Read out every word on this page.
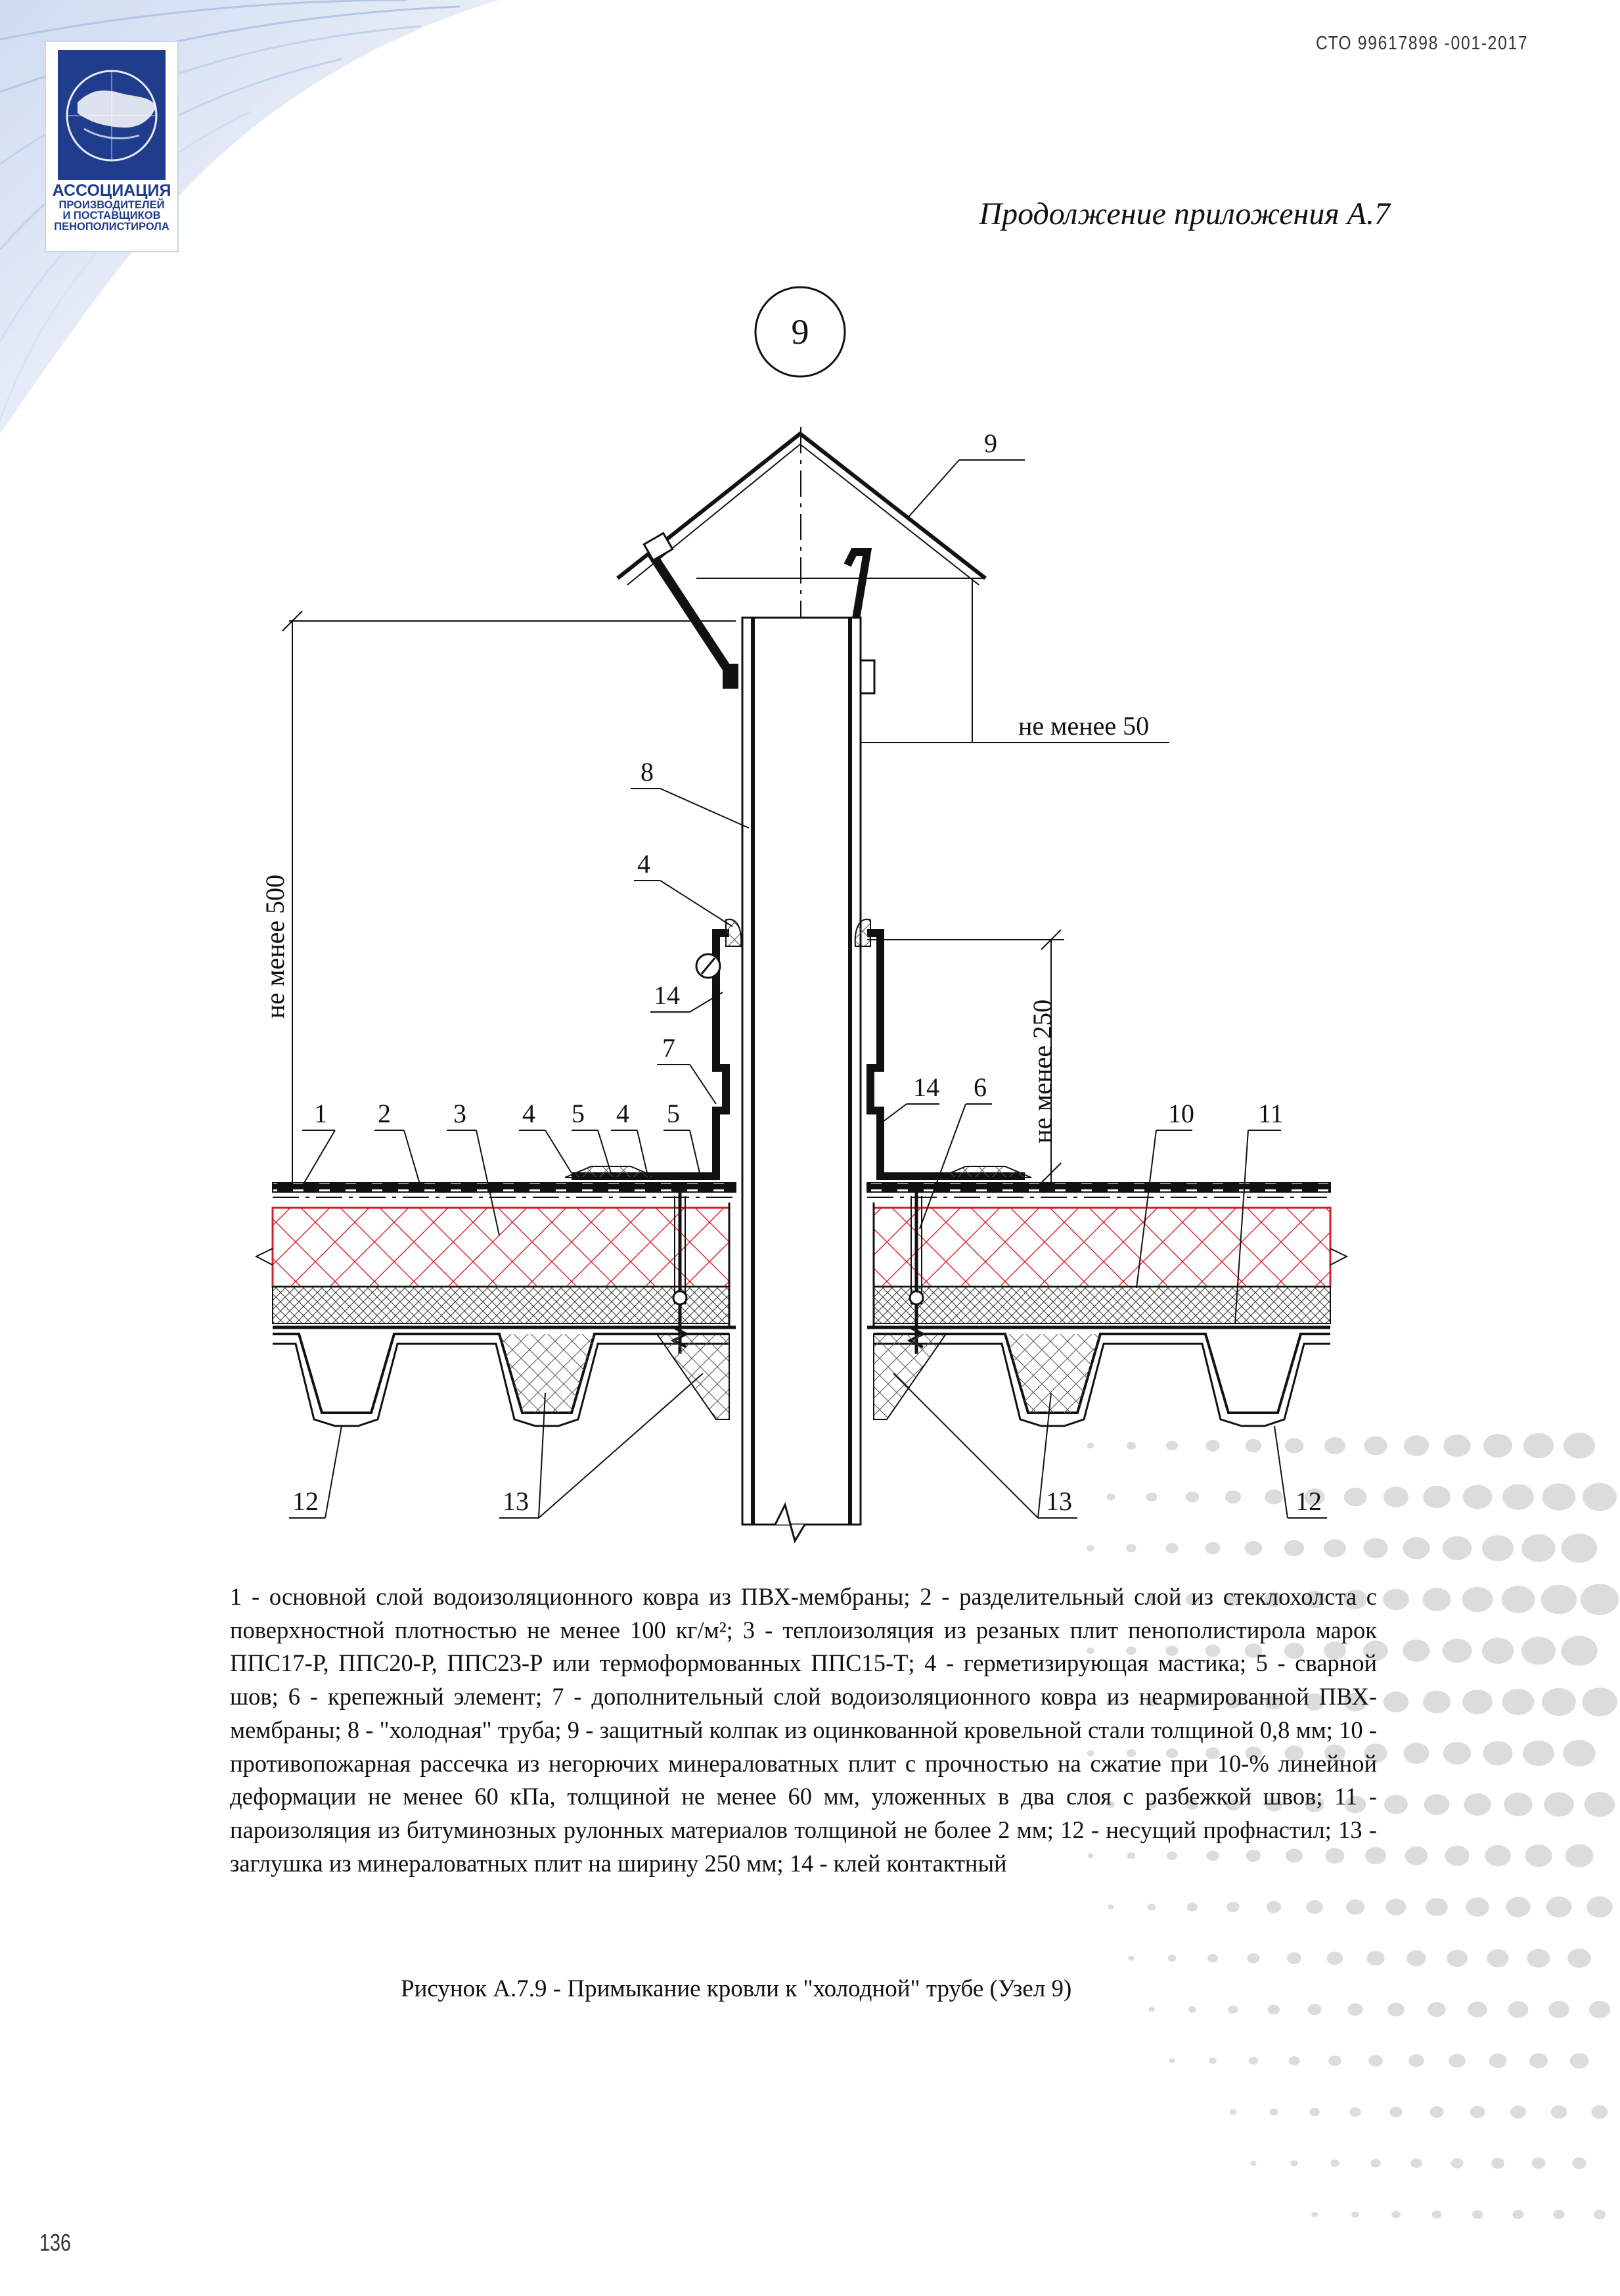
АССОЦИАЦИЯ
ПРОИЗВОДИТЕЛЕЙ
И ПОСТАВЩИКОВ
ПЕНОПОЛИСТИРОЛА
СТО 99617898 -001-2017
Продолжение приложения А.7
9
не менее 50
не менее 500
не менее 250
1 2 3 4 5 4 5
4
8
14
7
9
14 6
10 11
12	13	13	12
1 - основной слой водоизоляционного ковра из ПВХ-мембраны; 2 - разделительный слой из стеклохолста с поверхностной плотностью не менее 100 кг/м²; 3 - теплоизоляция из резаных плит пенополистирола марок ППС17-Р, ППС20-Р, ППС23-Р или термоформованных ППС15-Т; 4 - герметизирующая мастика; 5 - сварной шов; 6 - крепежный элемент; 7 - дополнительный слой водоизоляционного ковра из неармированной ПВХ-мембраны; 8 - "холодная" труба; 9 - защитный колпак из оцинкованной кровельной стали толщиной 0,8 мм; 10 - противопожарная рассечка из негорючих минераловатных плит с прочностью на сжатие при 10-% линейной деформации не менее 60 кПа, толщиной не менее 60 мм, уложенных в два слоя с разбежкой швов; 11 - пароизоляция из битуминозных рулонных материалов толщиной не более 2 мм; 12 - несущий профнастил; 13 - заглушка из минераловатных плит на ширину 250 мм; 14 - клей контактный
Рисунок А.7.9 - Примыкание кровли к "холодной" трубе (Узел 9)
136
